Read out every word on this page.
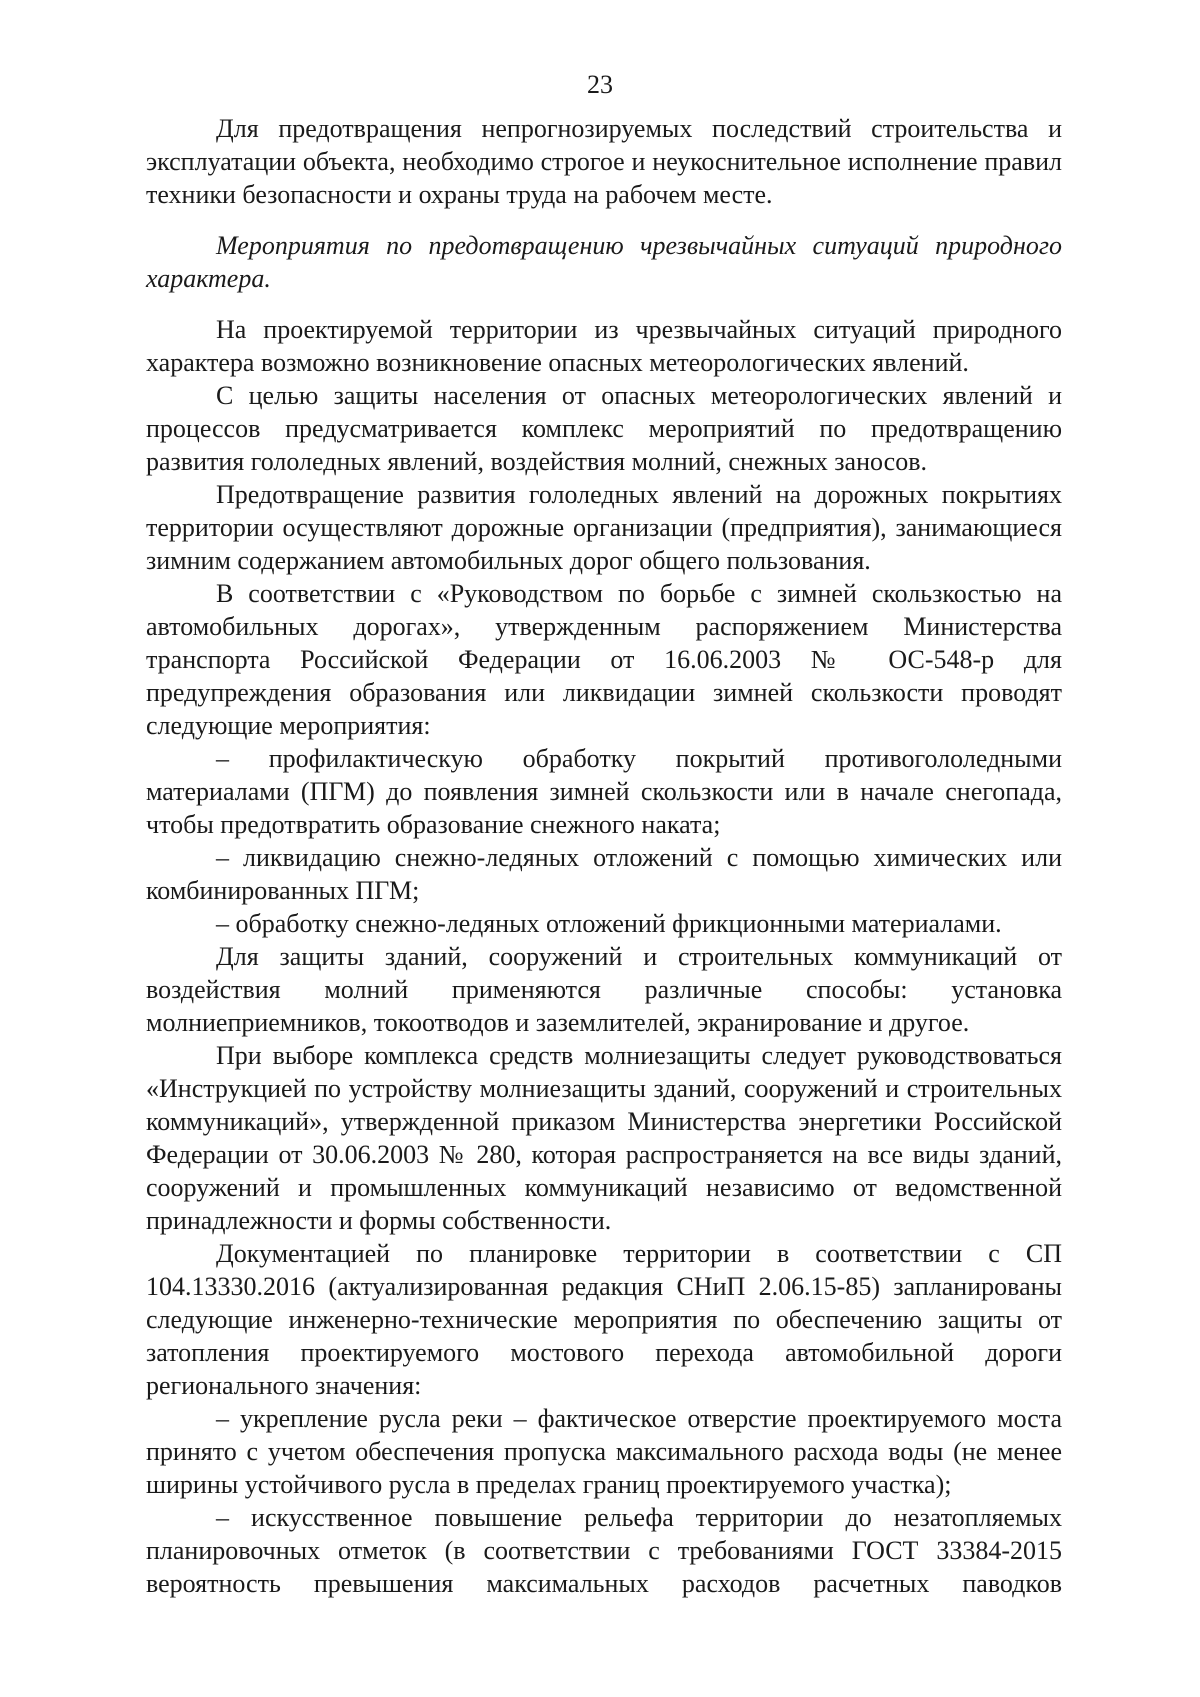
23

Для предотвращения непрогнозируемых последствий строительства и эксплуатации объекта, необходимо строгое и неукоснительное исполнение правил техники безопасности и охраны труда на рабочем месте.

Мероприятия по предотвращению чрезвычайных ситуаций природного характера.

На проектируемой территории из чрезвычайных ситуаций природного характера возможно возникновение опасных метеорологических явлений.

С целью защиты населения от опасных метеорологических явлений и процессов предусматривается комплекс мероприятий по предотвращению развития гололедных явлений, воздействия молний, снежных заносов.

Предотвращение развития гололедных явлений на дорожных покрытиях территории осуществляют дорожные организации (предприятия), занимающиеся зимним содержанием автомобильных дорог общего пользования.

В соответствии с «Руководством по борьбе с зимней скользкостью на автомобильных дорогах», утвержденным распоряжением Министерства транспорта Российской Федерации от 16.06.2003 № ОС-548-р для предупреждения образования или ликвидации зимней скользкости проводят следующие мероприятия:

– профилактическую обработку покрытий противогололедными материалами (ПГМ) до появления зимней скользкости или в начале снегопада, чтобы предотвратить образование снежного наката;

– ликвидацию снежно-ледяных отложений с помощью химических или комбинированных ПГМ;

– обработку снежно-ледяных отложений фрикционными материалами.

Для защиты зданий, сооружений и строительных коммуникаций от воздействия молний применяются различные способы: установка молниеприемников, токоотводов и заземлителей, экранирование и другое.

При выборе комплекса средств молниезащиты следует руководствоваться «Инструкцией по устройству молниезащиты зданий, сооружений и строительных коммуникаций», утвержденной приказом Министерства энергетики Российской Федерации от 30.06.2003 № 280, которая распространяется на все виды зданий, сооружений и промышленных коммуникаций независимо от ведомственной принадлежности и формы собственности.

Документацией по планировке территории в соответствии с СП 104.13330.2016 (актуализированная редакция СНиП 2.06.15-85) запланированы следующие инженерно-технические мероприятия по обеспечению защиты от затопления проектируемого мостового перехода автомобильной дороги регионального значения:

– укрепление русла реки – фактическое отверстие проектируемого моста принято с учетом обеспечения пропуска максимального расхода воды (не менее ширины устойчивого русла в пределах границ проектируемого участка);

– искусственное повышение рельефа территории до незатопляемых планировочных отметок (в соответствии с требованиями ГОСТ 33384-2015 вероятность превышения максимальных расходов расчетных паводков
